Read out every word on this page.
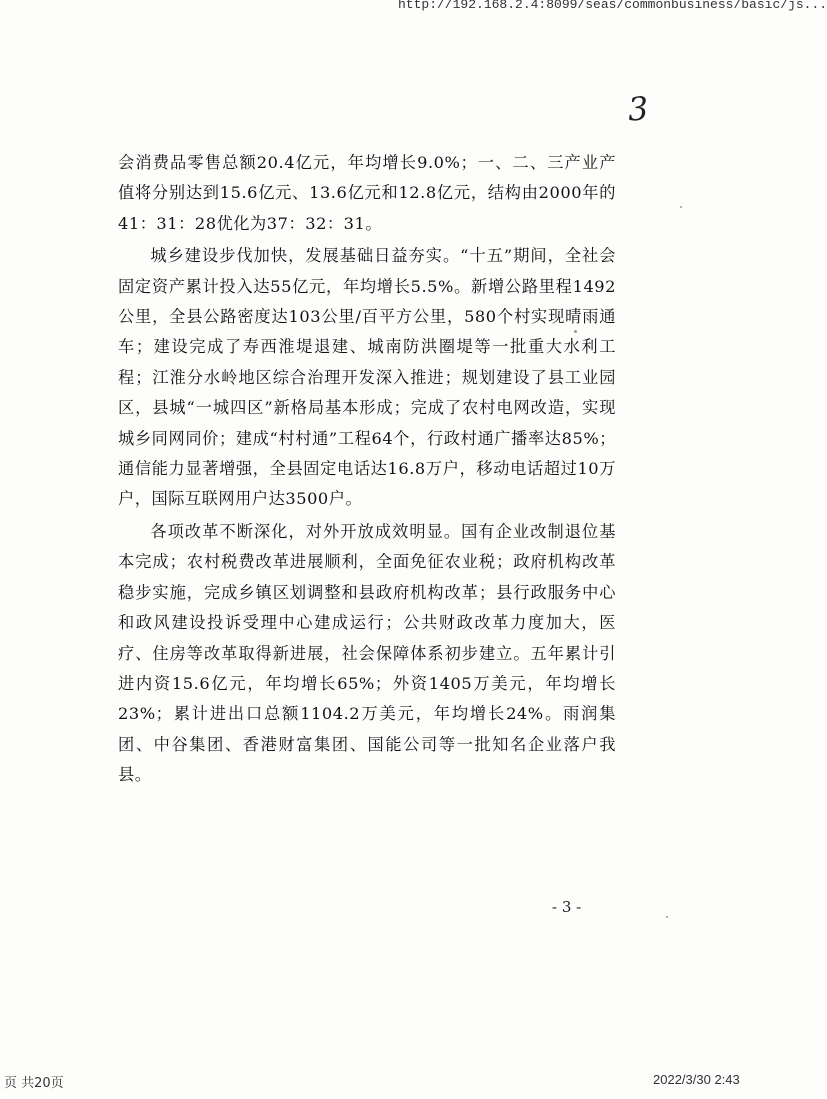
http://192.168.2.4:8099/seas/commonbusiness/basic/js...
3

会消费品零售总额20.4亿元，年均增长9.0%；一、二、三产业产值将分别达到15.6亿元、13.6亿元和12.8亿元，结构由2000年的41：31：28优化为37：32：31。

城乡建设步伐加快，发展基础日益夯实。“十五”期间，全社会固定资产累计投入达55亿元，年均增长5.5%。新增公路里程1492公里，全县公路密度达103公里/百平方公里，580个村实现晴雨通车；建设完成了寿西淮堤退建、城南防洪圈堤等一批重大水利工程；江淮分水岭地区综合治理开发深入推进；规划建设了县工业园区，县城“一城四区”新格局基本形成；完成了农村电网改造，实现城乡同网同价；建成“村村通”工程64个，行政村通广播率达85%；通信能力显著增强，全县固定电话达16.8万户，移动电话超过10万户，国际互联网用户达3500户。

各项改革不断深化，对外开放成效明显。国有企业改制退位基本完成；农村税费改革进展顺利，全面免征农业税；政府机构改革稳步实施，完成乡镇区划调整和县政府机构改革；县行政服务中心和政风建设投诉受理中心建成运行；公共财政改革力度加大，医疗、住房等改革取得新进展，社会保障体系初步建立。五年累计引进内资15.6亿元，年均增长65%；外资1405万美元，年均增长23%；累计进出口总额1104.2万美元，年均增长24%。雨润集团、中谷集团、香港财富集团、国能公司等一批知名企业落户我县。

- 3 -
页 共20页	2022/3/30 2:43
